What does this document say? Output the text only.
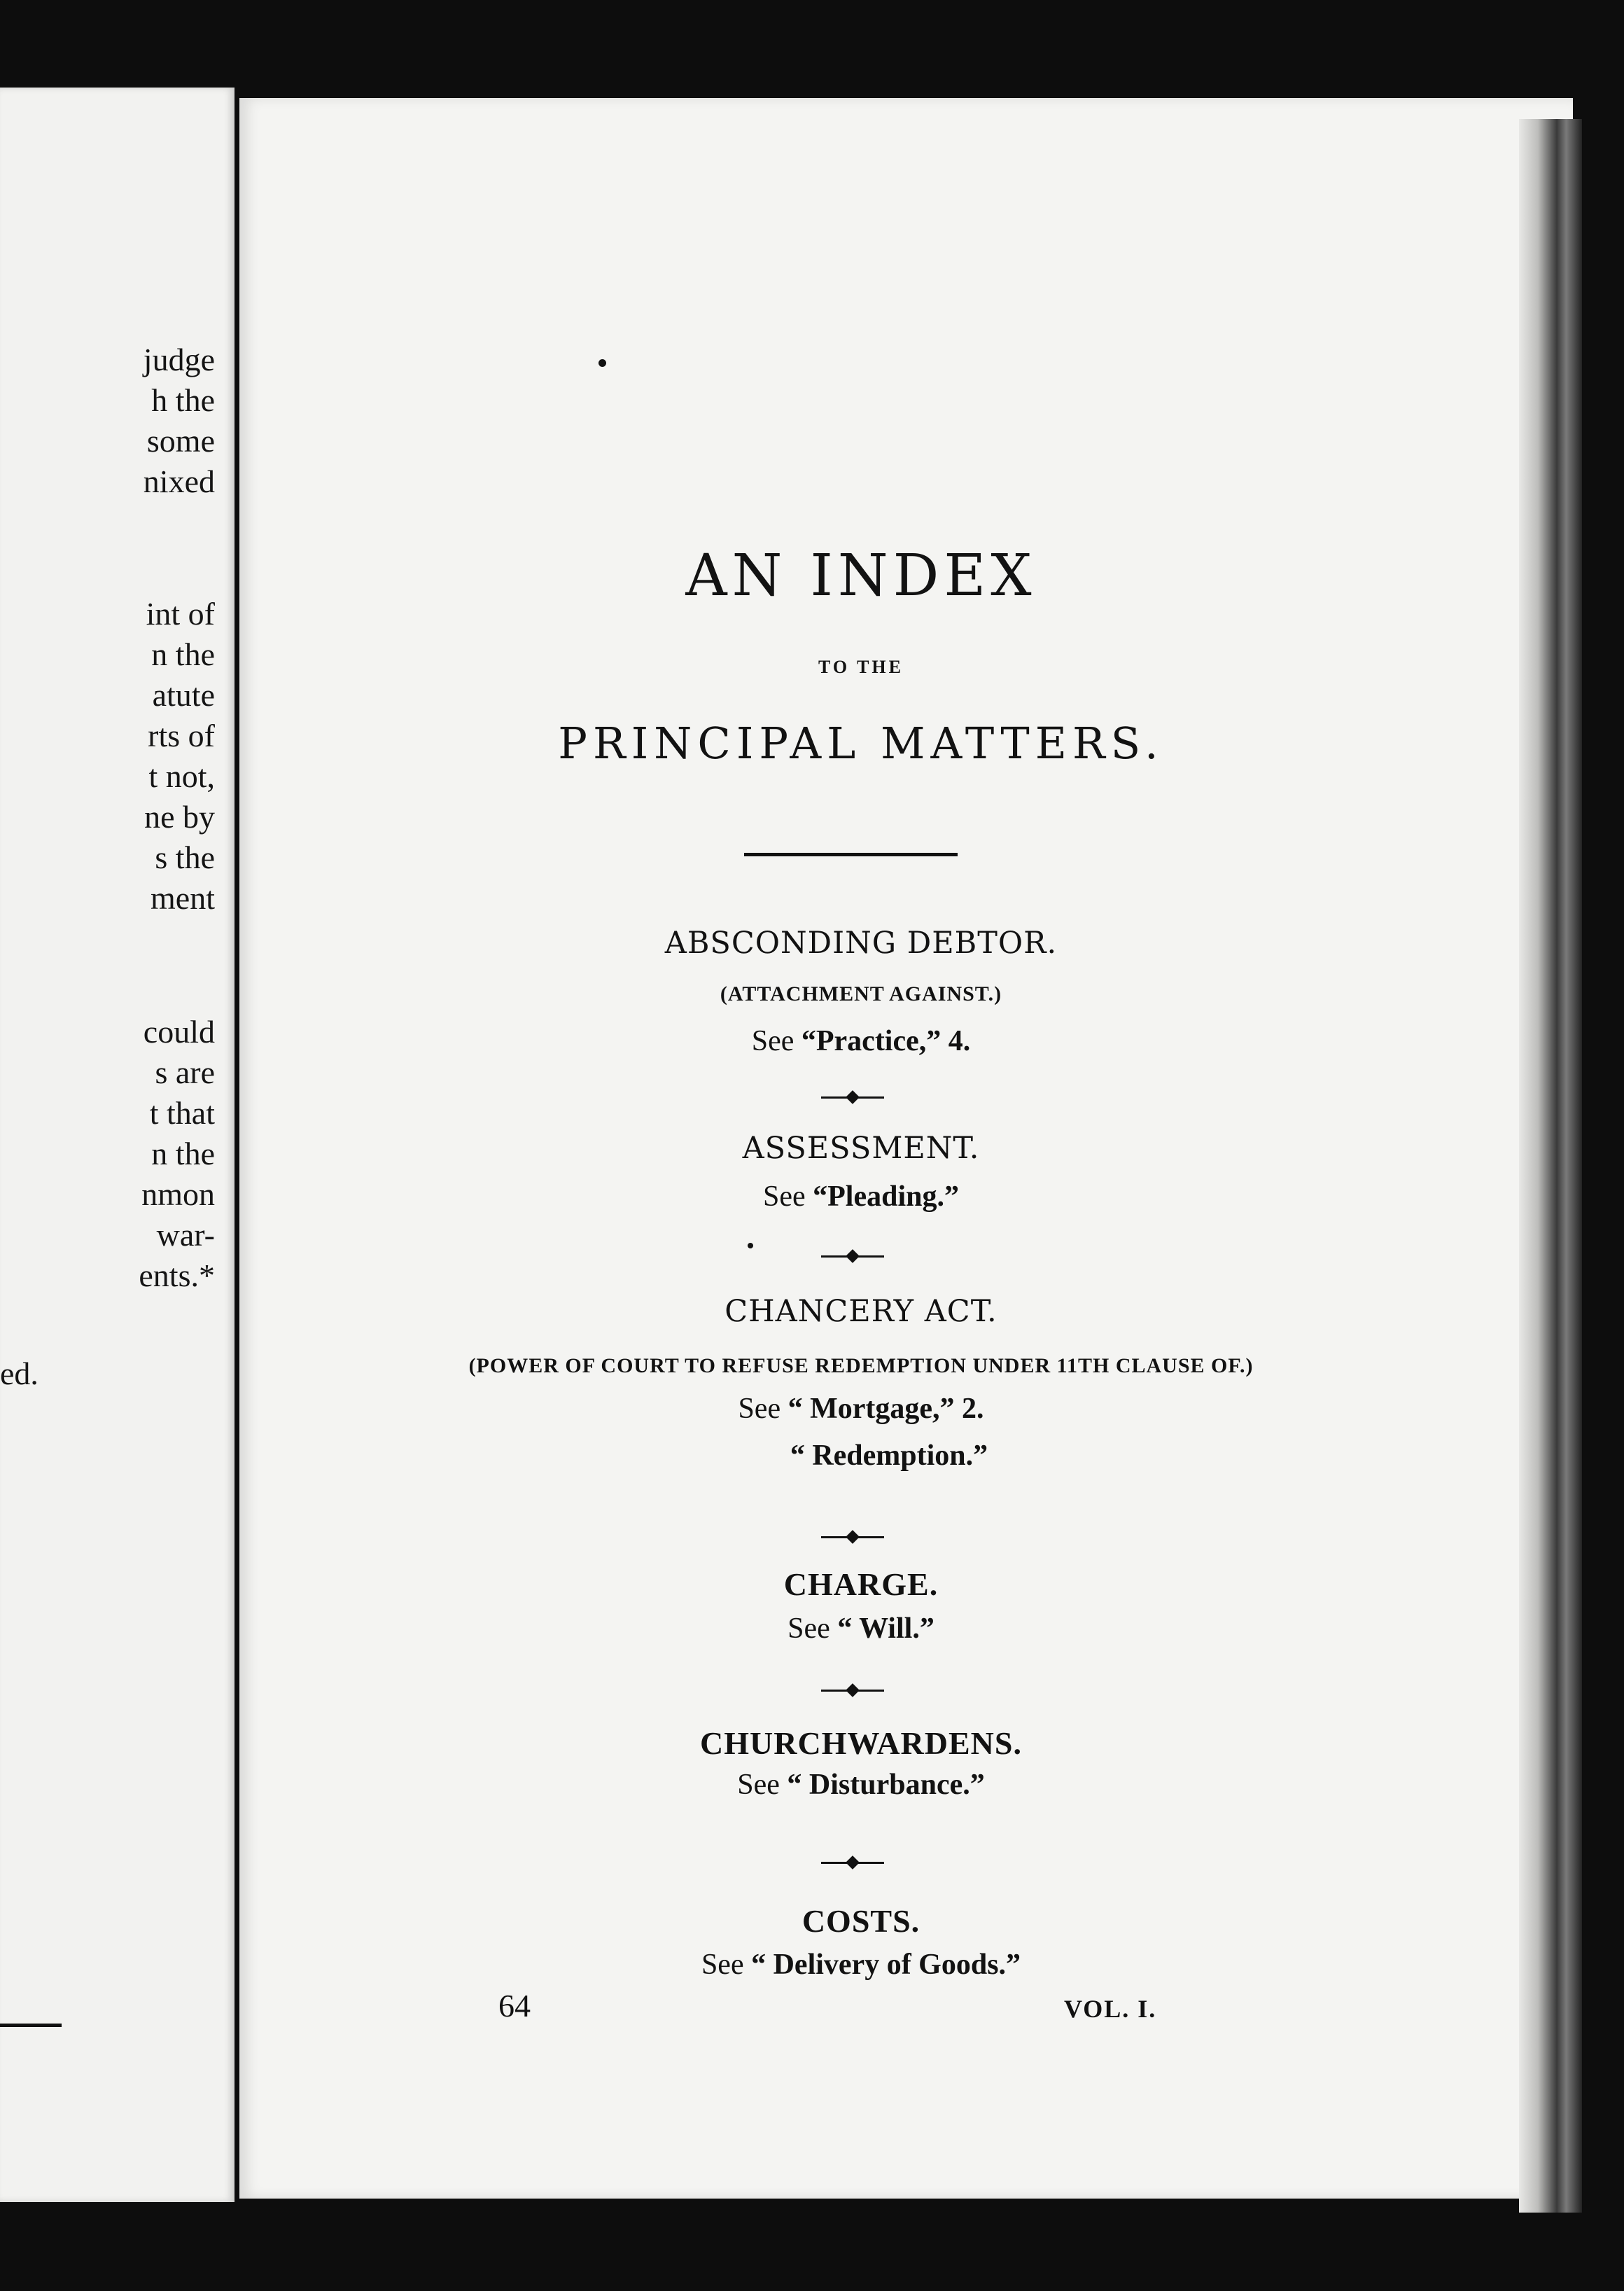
judge

h the

some

nixed

int of

n the

atute

rts of

t not,

ne by

s the

ment

could

s are

t that

n the

nmon

war-

ents.*

ed.

AN INDEX

TO THE

PRINCIPAL MATTERS.

ABSCONDING DEBTOR.

(ATTACHMENT AGAINST.)

See “Practice,” 4.

ASSESSMENT.

See “Pleading.”

CHANCERY ACT.

(POWER OF COURT TO REFUSE REDEMPTION UNDER 11TH CLAUSE OF.)

See “ Mortgage,” 2.

“ Redemption.”

CHARGE.

See “ Will.”

CHURCHWARDENS.

See “ Disturbance.”

COSTS.

See “ Delivery of Goods.”

64	VOL. I.
